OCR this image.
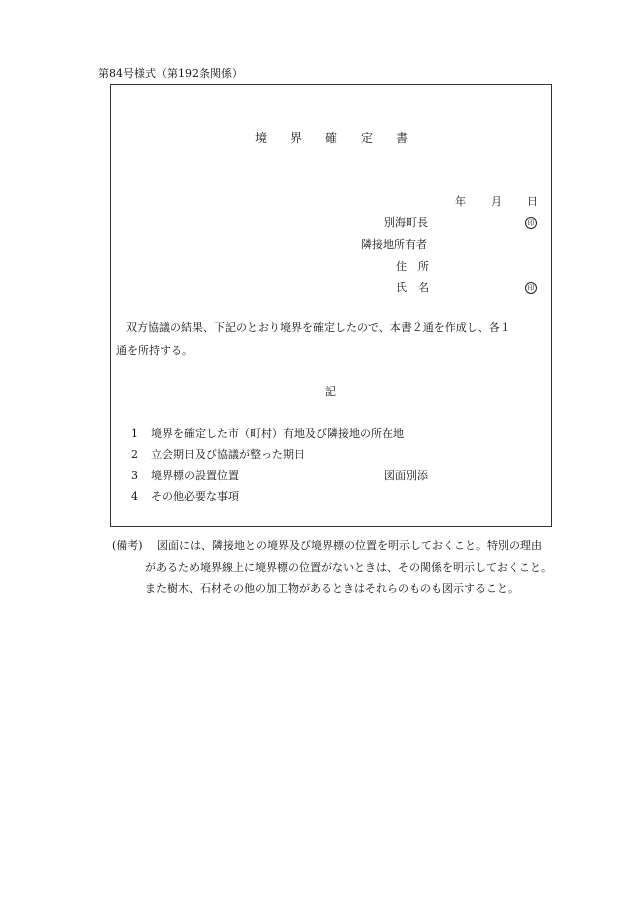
第84号様式（第192条関係）
境 界 確 定 書
年 月 日
別海町長	印
隣接地所有者
住　所
氏　名	印
双方協議の結果、下記のとおり境界を確定したので、本書２通を作成し、各１
通を所持する。
記
1 境界を確定した市（町村）有地及び隣接地の所在地
2 立会期日及び協議が整った期日
3 境界標の設置位置	図面別添
4 その他必要な事項
(備考) 図面には、隣接地との境界及び境界標の位置を明示しておくこと。特別の理由
があるため境界線上に境界標の位置がないときは、その関係を明示しておくこと。
また樹木、石材その他の加工物があるときはそれらのものも図示すること。
